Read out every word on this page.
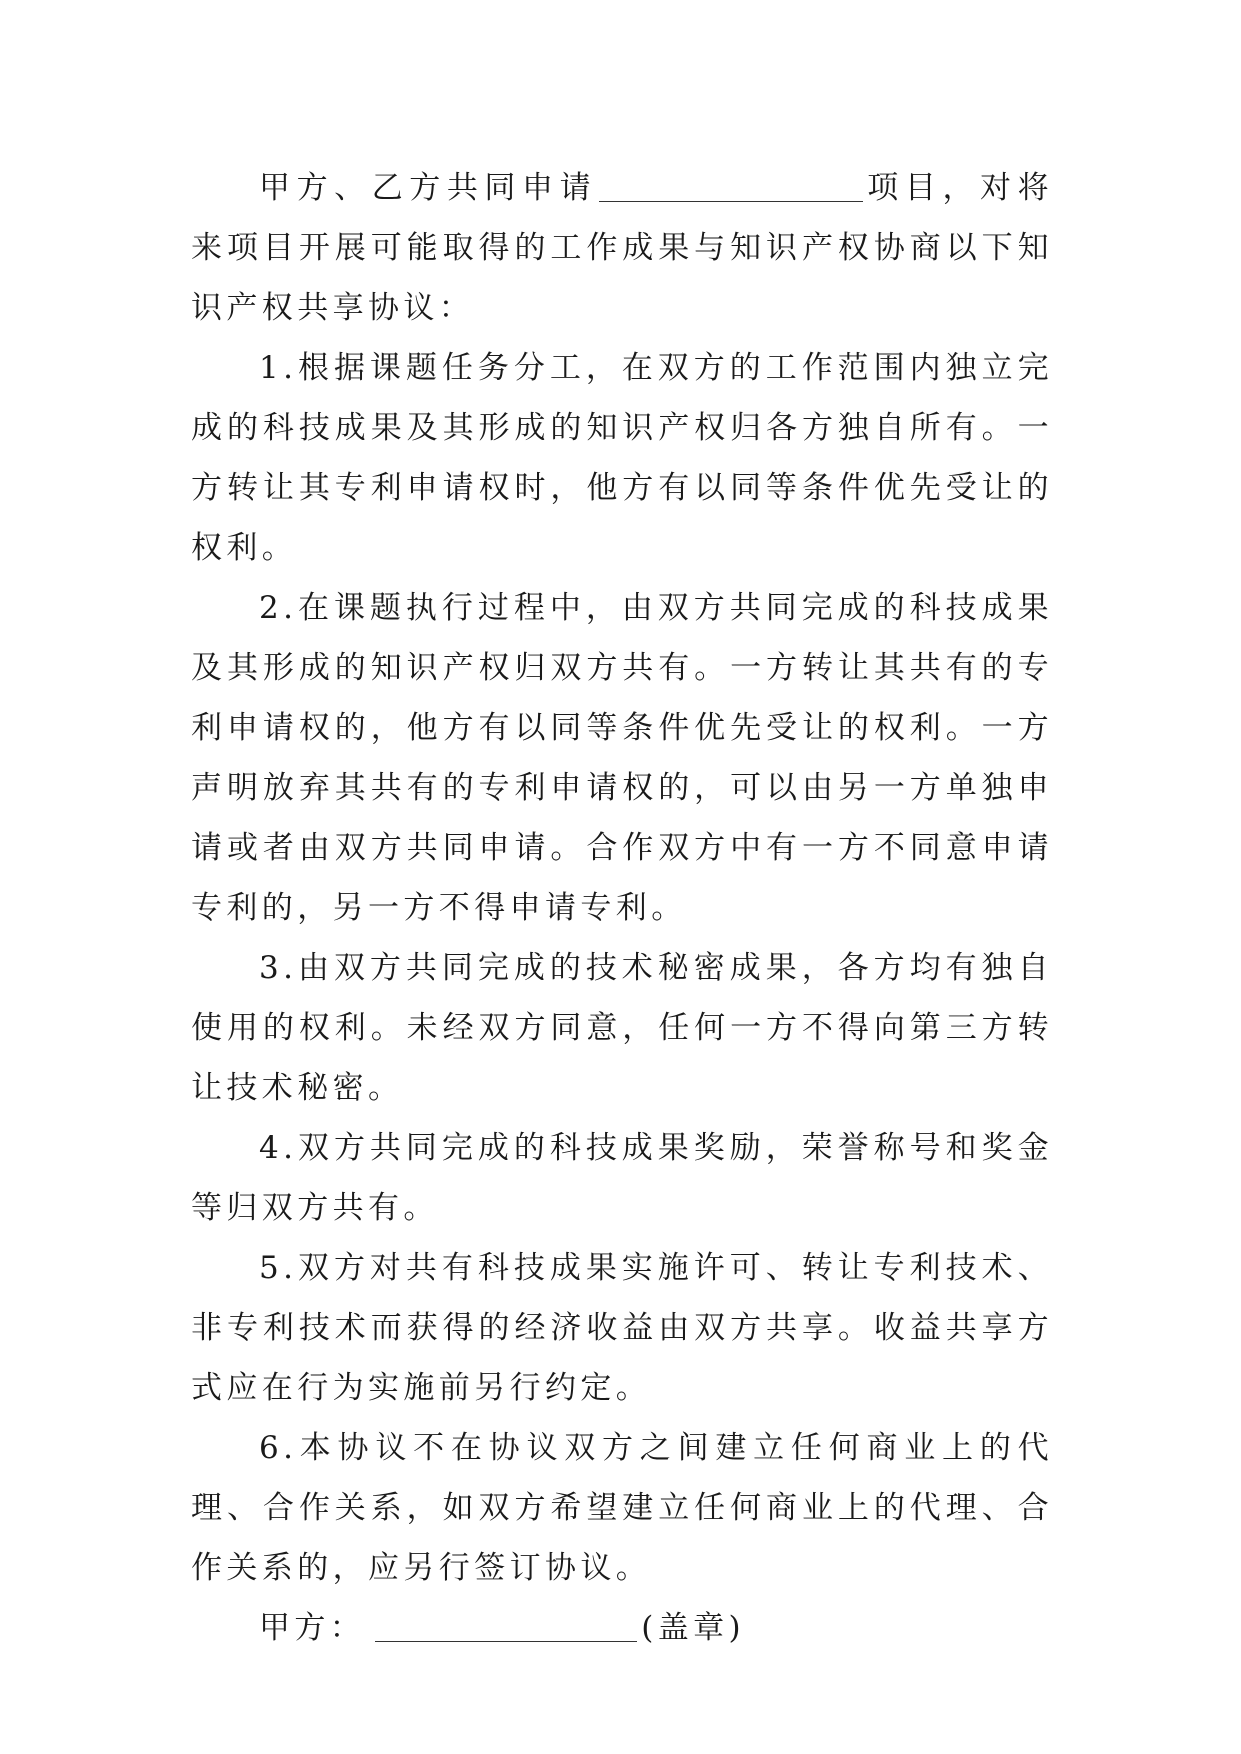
甲方、乙方共同申请	项目，对将来项目开展可能取得的工作成果与知识产权协商以下知识产权共享协议：

1.根据课题任务分工，在双方的工作范围内独立完成的科技成果及其形成的知识产权归各方独自所有。一方转让其专利申请权时，他方有以同等条件优先受让的权利。

2.在课题执行过程中，由双方共同完成的科技成果及其形成的知识产权归双方共有。一方转让其共有的专利申请权的，他方有以同等条件优先受让的权利。一方声明放弃其共有的专利申请权的，可以由另一方单独申请或者由双方共同申请。合作双方中有一方不同意申请专利的，另一方不得申请专利。

3.由双方共同完成的技术秘密成果，各方均有独自使用的权利。未经双方同意，任何一方不得向第三方转让技术秘密。

4.双方共同完成的科技成果奖励，荣誉称号和奖金等归双方共有。

5.双方对共有科技成果实施许可、转让专利技术、非专利技术而获得的经济收益由双方共享。收益共享方式应在行为实施前另行约定。

6.本协议不在协议双方之间建立任何商业上的代理、合作关系，如双方希望建立任何商业上的代理、合作关系的，应另行签订协议。

甲方：	(盖章)
